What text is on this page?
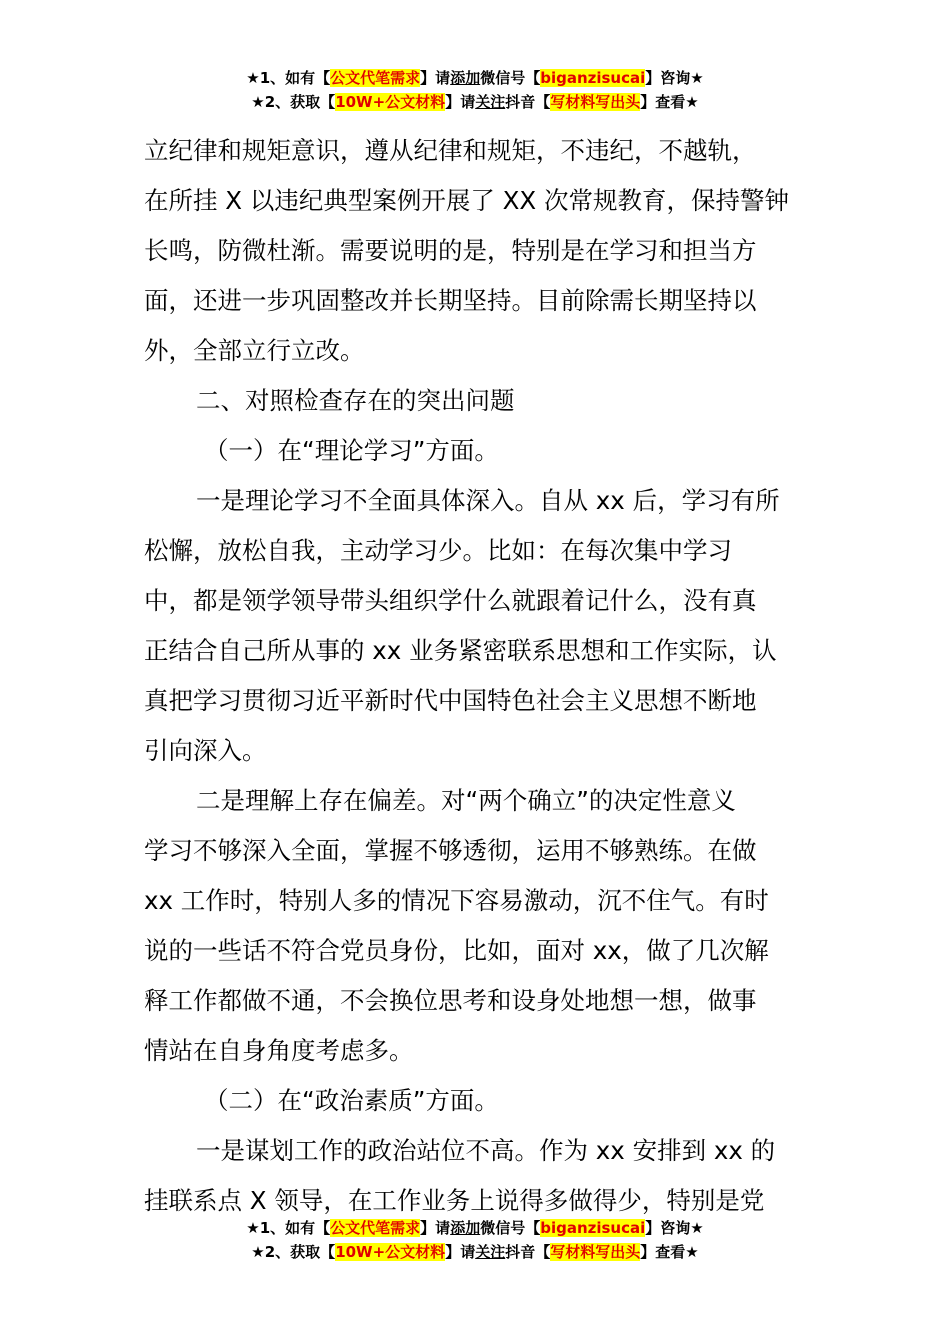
★1、如有【公文代笔需求】请添加微信号【biganzisucai】咨询★
★2、获取【10W+公文材料】请关注抖音【写材料写出头】查看★
立纪律和规矩意识，遵从纪律和规矩，不违纪，不越轨，
在所挂 X 以违纪典型案例开展了 XX 次常规教育，保持警钟
长鸣，防微杜渐。需要说明的是，特别是在学习和担当方
面，还进一步巩固整改并长期坚持。目前除需长期坚持以
外，全部立行立改。
二、对照检查存在的突出问题
（一）在“理论学习”方面。
一是理论学习不全面具体深入。自从 xx 后，学习有所
松懈，放松自我，主动学习少。比如：在每次集中学习
中，都是领学领导带头组织学什么就跟着记什么，没有真
正结合自己所从事的 xx 业务紧密联系思想和工作实际，认
真把学习贯彻习近平新时代中国特色社会主义思想不断地
引向深入。
二是理解上存在偏差。对“两个确立”的决定性意义
学习不够深入全面，掌握不够透彻，运用不够熟练。在做
xx 工作时，特别人多的情况下容易激动，沉不住气。有时
说的一些话不符合党员身份，比如，面对 xx，做了几次解
释工作都做不通，不会换位思考和设身处地想一想，做事
情站在自身角度考虑多。
（二）在“政治素质”方面。
一是谋划工作的政治站位不高。作为 xx 安排到 xx 的
挂联系点 X 领导，在工作业务上说得多做得少，特别是党
★1、如有【公文代笔需求】请添加微信号【biganzisucai】咨询★
★2、获取【10W+公文材料】请关注抖音【写材料写出头】查看★
